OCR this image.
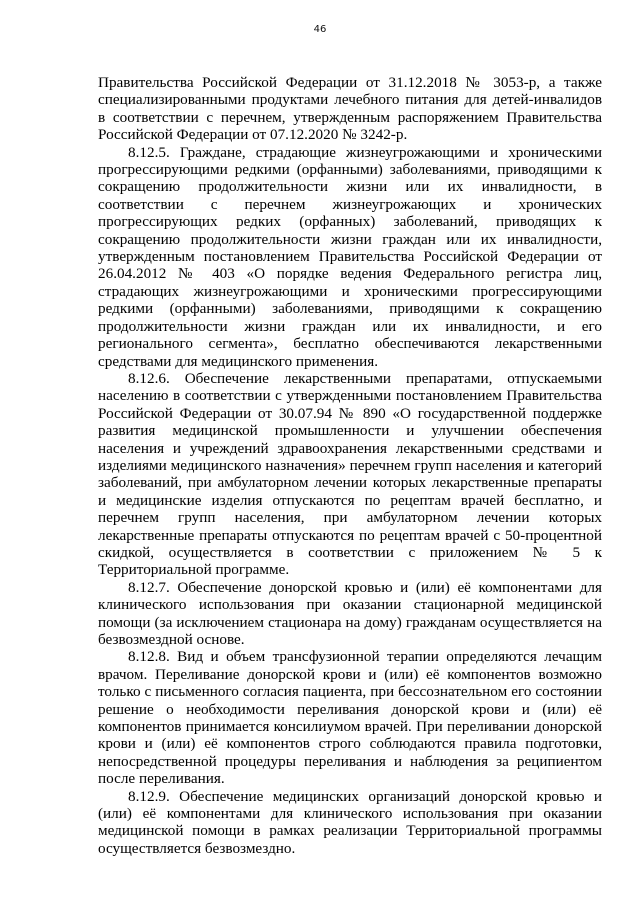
46

Правительства Российской Федерации от 31.12.2018 № 3053-р, а также специализированными продуктами лечебного питания для детей-инвалидов в соответствии с перечнем, утвержденным распоряжением Правительства Российской Федерации от 07.12.2020 № 3242-р.

8.12.5. Граждане, страдающие жизнеугрожающими и хроническими прогрессирующими редкими (орфанными) заболеваниями, приводящими к сокращению продолжительности жизни или их инвалидности, в соответствии с перечнем жизнеугрожающих и хронических прогрессирующих редких (орфанных) заболеваний, приводящих к сокращению продолжительности жизни граждан или их инвалидности, утвержденным постановлением Правительства Российской Федерации от 26.04.2012 № 403 «О порядке ведения Федерального регистра лиц, страдающих жизнеугрожающими и хроническими прогрессирующими редкими (орфанными) заболеваниями, приводящими к сокращению продолжительности жизни граждан или их инвалидности, и его регионального сегмента», бесплатно обеспечиваются лекарственными средствами для медицинского применения.

8.12.6. Обеспечение лекарственными препаратами, отпускаемыми населению в соответствии с утвержденными постановлением Правительства Российской Федерации от 30.07.94 № 890 «О государственной поддержке развития медицинской промышленности и улучшении обеспечения населения и учреждений здравоохранения лекарственными средствами и изделиями медицинского назначения» перечнем групп населения и категорий заболеваний, при амбулаторном лечении которых лекарственные препараты и медицинские изделия отпускаются по рецептам врачей бесплатно, и перечнем групп населения, при амбулаторном лечении которых лекарственные препараты отпускаются по рецептам врачей с 50-процентной скидкой, осуществляется в соответствии с приложением № 5 к Территориальной программе.

8.12.7. Обеспечение донорской кровью и (или) её компонентами для клинического использования при оказании стационарной медицинской помощи (за исключением стационара на дому) гражданам осуществляется на безвозмездной основе.

8.12.8. Вид и объем трансфузионной терапии определяются лечащим врачом. Переливание донорской крови и (или) её компонентов возможно только с письменного согласия пациента, при бессознательном его состоянии решение о необходимости переливания донорской крови и (или) её компонентов принимается консилиумом врачей. При переливании донорской крови и (или) её компонентов строго соблюдаются правила подготовки, непосредственной процедуры переливания и наблюдения за реципиентом после переливания.

8.12.9. Обеспечение медицинских организаций донорской кровью и (или) её компонентами для клинического использования при оказании медицинской помощи в рамках реализации Территориальной программы осуществляется безвозмездно.
